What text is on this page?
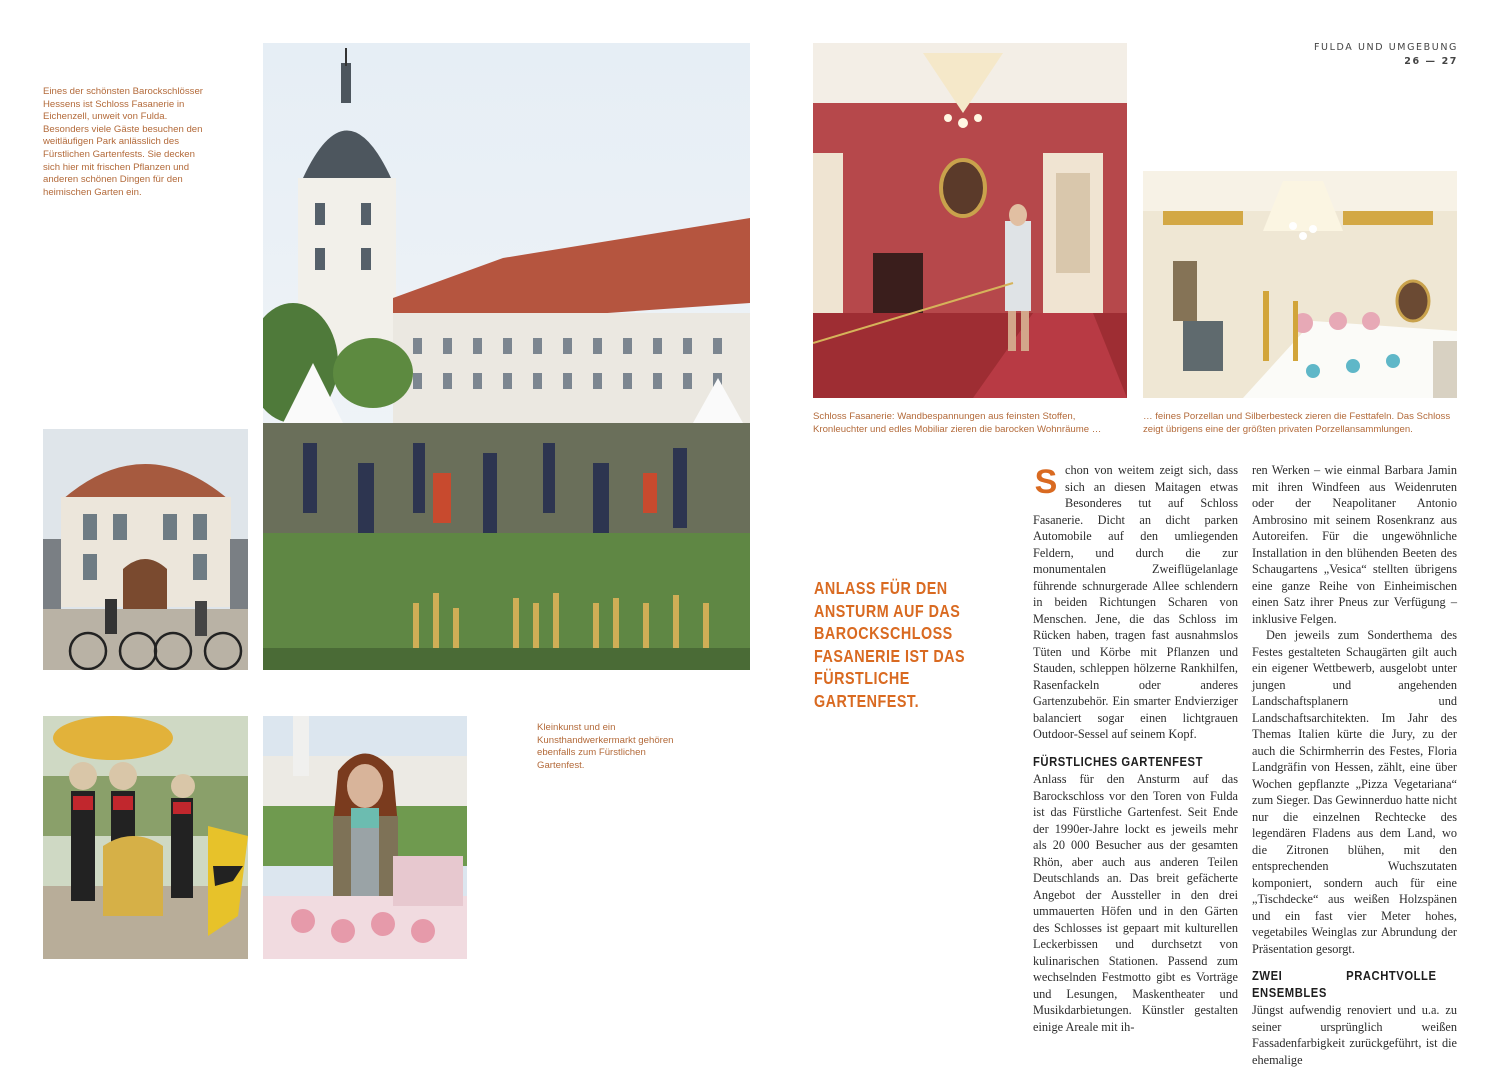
FULDA UND UMGEBUNG
26 — 27
Eines der schönsten Barockschlösser Hessens ist Schloss Fasanerie in Eichenzell, unweit von Fulda. Besonders viele Gäste besuchen den weitläufigen Park anlässlich des Fürstlichen Gartenfests. Sie decken sich hier mit frischen Pflanzen und anderen schönen Dingen für den heimischen Garten ein.
Kleinkunst und ein Kunsthandwerkermarkt gehören ebenfalls zum Fürstlichen Gartenfest.
Schloss Fasanerie: Wandbespannungen aus feinsten Stoffen, Kronleuchter und edles Mobiliar zieren die barocken Wohnräume …
… feines Porzellan und Silberbesteck zieren die Festtafeln. Das Schloss zeigt übrigens eine der größten privaten Porzellansammlungen.
ANLASS FÜR DEN ANSTURM AUF DAS BAROCKSCHLOSS FASANERIE IST DAS FÜRSTLICHE GARTENFEST.

S chon von weitem zeigt sich, dass sich an diesen Maitagen etwas Besonderes tut auf Schloss Fasanerie. Dicht an dicht parken Automobile auf den umliegenden Feldern, und durch die zur monumentalen Zweiflügelanlage führende schnurgerade Allee schlendern in beiden Richtungen Scharen von Menschen. Jene, die das Schloss im Rücken haben, tragen fast ausnahmslos Tüten und Körbe mit Pflanzen und Stauden, schleppen hölzerne Rankhilfen, Rasenfackeln oder anderes Gartenzubehör. Ein smarter Endvierziger balanciert sogar einen lichtgrauen Outdoor-Sessel auf seinem Kopf.

FÜRSTLICHES GARTENFEST

Anlass für den Ansturm auf das Barockschloss vor den Toren von Fulda ist das Fürstliche Gartenfest. Seit Ende der 1990er-Jahre lockt es jeweils mehr als 20 000 Besucher aus der gesamten Rhön, aber auch aus anderen Teilen Deutschlands an. Das breit gefächerte Angebot der Aussteller in den drei ummauerten Höfen und in den Gärten des Schlosses ist gepaart mit kulturellen Leckerbissen und durchsetzt von kulinarischen Stationen. Passend zum wechselnden Festmotto gibt es Vorträge und Lesungen, Maskentheater und Musikdarbietungen. Künstler gestalten einige Areale mit ih-

ren Werken – wie einmal Barbara Jamin mit ihren Windfeen aus Weidenruten oder der Neapolitaner Antonio Ambrosino mit seinem Rosenkranz aus Autoreifen. Für die ungewöhnliche Installation in den blühenden Beeten des Schaugartens „Vesica“ stellten übrigens eine ganze Reihe von Einheimischen einen Satz ihrer Pneus zur Verfügung – inklusive Felgen.

Den jeweils zum Sonderthema des Festes gestalteten Schaugärten gilt auch ein eigener Wettbewerb, ausgelobt unter jungen und angehenden Landschaftsplanern und Landschaftsarchitekten. Im Jahr des Themas Italien kürte die Jury, zu der auch die Schirmherrin des Festes, Floria Landgräfin von Hessen, zählt, eine über Wochen gepflanzte „Pizza Vegetariana“ zum Sieger. Das Gewinnerduo hatte nicht nur die einzelnen Rechtecke des legendären Fladens aus dem Land, wo die Zitronen blühen, mit den entsprechenden Wuchszutaten komponiert, sondern auch für eine „Tischdecke“ aus weißen Holzspänen und ein fast vier Meter hohes, vegetabiles Weinglas zur Abrundung der Präsentation gesorgt.

ZWEI PRACHTVOLLE ENSEMBLES

Jüngst aufwendig renoviert und u.a. zu seiner ursprünglich weißen Fassadenfarbigkeit zurückgeführt, ist die ehemalige
